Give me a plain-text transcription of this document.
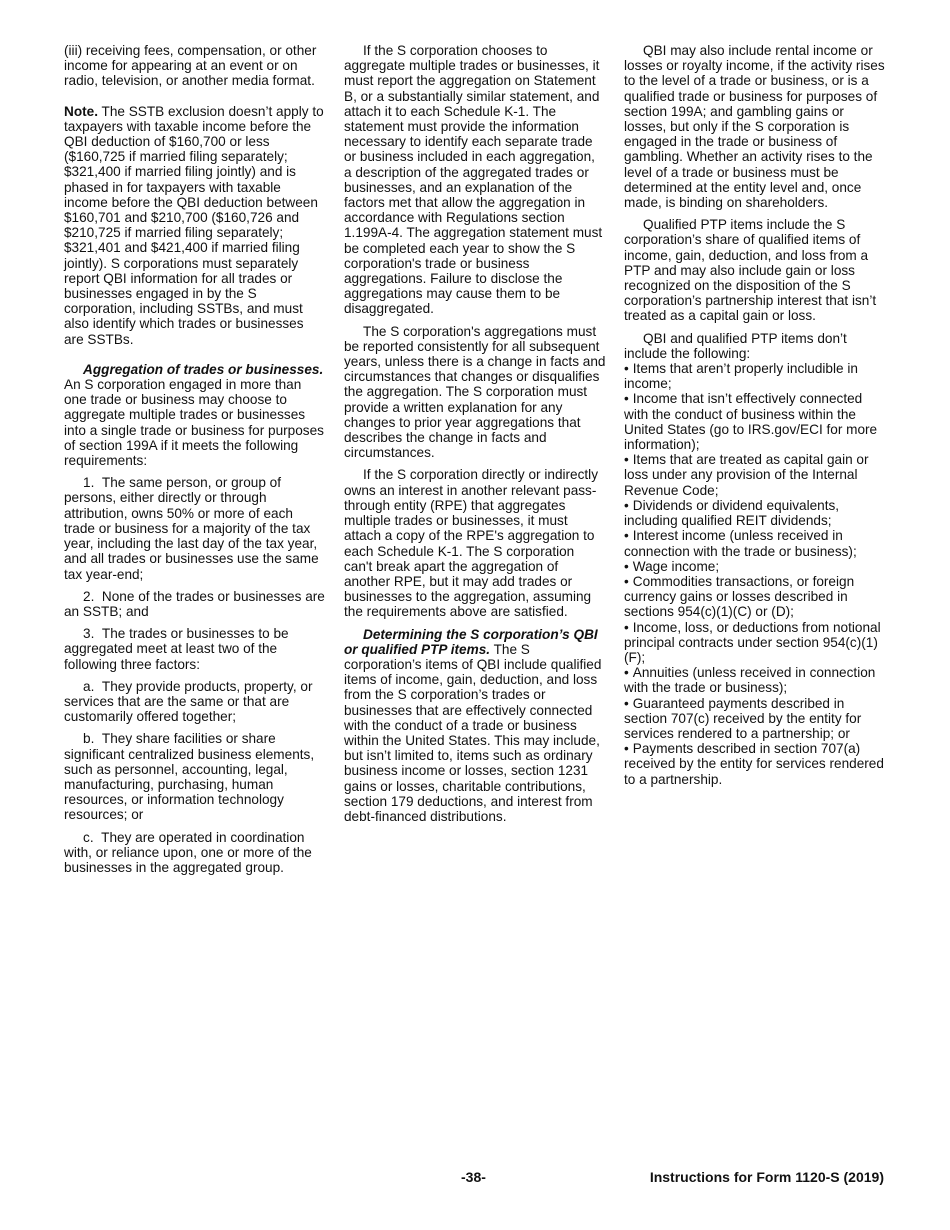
(iii) receiving fees, compensation, or other income for appearing at an event or on radio, television, or another media format.

Note. The SSTB exclusion doesn’t apply to taxpayers with taxable income before the QBI deduction of $160,700 or less ($160,725 if married filing separately; $321,400 if married filing jointly) and is phased in for taxpayers with taxable income before the QBI deduction between $160,701 and $210,700 ($160,726 and $210,725 if married filing separately; $321,401 and $421,400 if married filing jointly). S corporations must separately report QBI information for all trades or businesses engaged in by the S corporation, including SSTBs, and must also identify which trades or businesses are SSTBs.

Aggregation of trades or businesses. An S corporation engaged in more than one trade or business may choose to aggregate multiple trades or businesses into a single trade or business for purposes of section 199A if it meets the following requirements:

1.  The same person, or group of persons, either directly or through attribution, owns 50% or more of each trade or business for a majority of the tax year, including the last day of the tax year, and all trades or businesses use the same tax year-end;

2.  None of the trades or businesses are an SSTB; and

3.  The trades or businesses to be aggregated meet at least two of the following three factors:

a.  They provide products, property, or services that are the same or that are customarily offered together;

b.  They share facilities or share significant centralized business elements, such as personnel, accounting, legal, manufacturing, purchasing, human resources, or information technology resources; or

c.  They are operated in coordination with, or reliance upon, one or more of the businesses in the aggregated group.

If the S corporation chooses to aggregate multiple trades or businesses, it must report the aggregation on Statement B, or a substantially similar statement, and attach it to each Schedule K-1. The statement must provide the information necessary to identify each separate trade or business included in each aggregation, a description of the aggregated trades or businesses, and an explanation of the factors met that allow the aggregation in accordance with Regulations section 1.199A-4. The aggregation statement must be completed each year to show the S corporation's trade or business aggregations. Failure to disclose the aggregations may cause them to be disaggregated.

The S corporation's aggregations must be reported consistently for all subsequent years, unless there is a change in facts and circumstances that changes or disqualifies the aggregation. The S corporation must provide a written explanation for any changes to prior year aggregations that describes the change in facts and circumstances.

If the S corporation directly or indirectly owns an interest in another relevant pass-through entity (RPE) that aggregates multiple trades or businesses, it must attach a copy of the RPE's aggregation to each Schedule K-1. The S corporation can't break apart the aggregation of another RPE, but it may add trades or businesses to the aggregation, assuming the requirements above are satisfied.

Determining the S corporation’s QBI or qualified PTP items. The S corporation’s items of QBI include qualified items of income, gain, deduction, and loss from the S corporation’s trades or businesses that are effectively connected with the conduct of a trade or business within the United States. This may include, but isn’t limited to, items such as ordinary business income or losses, section 1231 gains or losses, charitable contributions, section 179 deductions, and interest from debt-financed distributions.

QBI may also include rental income or losses or royalty income, if the activity rises to the level of a trade or business, or is a qualified trade or business for purposes of section 199A; and gambling gains or losses, but only if the S corporation is engaged in the trade or business of gambling. Whether an activity rises to the level of a trade or business must be determined at the entity level and, once made, is binding on shareholders.

Qualified PTP items include the S corporation’s share of qualified items of income, gain, deduction, and loss from a PTP and may also include gain or loss recognized on the disposition of the S corporation’s partnership interest that isn’t treated as a capital gain or loss.

QBI and qualified PTP items don’t include the following:

• Items that aren’t properly includible in income;

• Income that isn’t effectively connected with the conduct of business within the United States (go to IRS.gov/ECI for more information);

• Items that are treated as capital gain or loss under any provision of the Internal Revenue Code;

• Dividends or dividend equivalents, including qualified REIT dividends;

• Interest income (unless received in connection with the trade or business);

• Wage income;

• Commodities transactions, or foreign currency gains or losses described in sections 954(c)(1)(C) or (D);

• Income, loss, or deductions from notional principal contracts under section 954(c)(1)(F);

• Annuities (unless received in connection with the trade or business);

• Guaranteed payments described in section 707(c) received by the entity for services rendered to a partnership; or

• Payments described in section 707(a) received by the entity for services rendered to a partnership.

-38-	Instructions for Form 1120-S (2019)
